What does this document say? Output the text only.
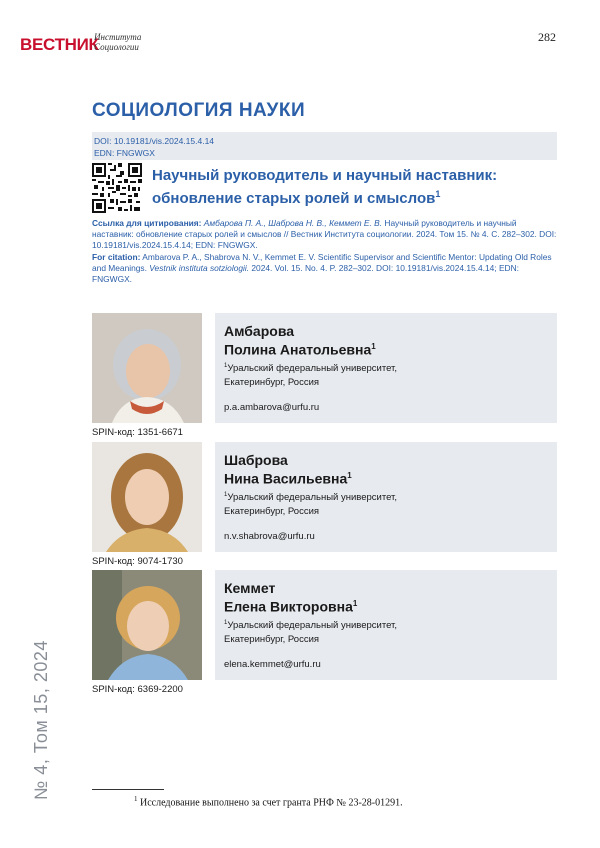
ВЕСТНИК
Института
Социологии
282
СОЦИОЛОГИЯ НАУКИ
DOI: 10.19181/vis.2024.15.4.14
EDN: FNGWGX
Научный руководитель и научный наставник: обновление старых ролей и смыслов$^1$
Ссылка для цитирования: Амбарова П. А., Шаброва Н. В., Кеммет Е. В. Научный руководитель и научный наставник: обновление старых ролей и смыслов // Вестник Института социологии. 2024. Том 15. № 4. С. 282–302. DOI: 10.19181/vis.2024.15.4.14; EDN: FNGWGX.
For citation: Ambarova P. A., Shabrova N. V., Kemmet E. V. Scientific Supervisor and Scientific Mentor: Updating Old Roles and Meanings. Vestnik instituta sotziologii. 2024. Vol. 15. No. 4. P. 282–302. DOI: 10.19181/vis.2024.15.4.14; EDN: FNGWGX.
SPIN-код: 1351-6671
Амбарова
Полина Анатольевна$^1$
$^1$Уральский федеральный университет,
Екатеринбург, Россия
p.a.ambarova@urfu.ru
SPIN-код: 9074-1730
Шаброва
Нина Васильевна$^1$
$^1$Уральский федеральный университет,
Екатеринбург, Россия
n.v.shabrova@urfu.ru
SPIN-код: 6369-2200
Кеммет
Елена Викторовна$^1$
$^1$Уральский федеральный университет,
Екатеринбург, Россия
elena.kemmet@urfu.ru
№ 4, Том 15, 2024	$^1$ Исследование выполнено за счет гранта РНФ № 23-28-01291.
